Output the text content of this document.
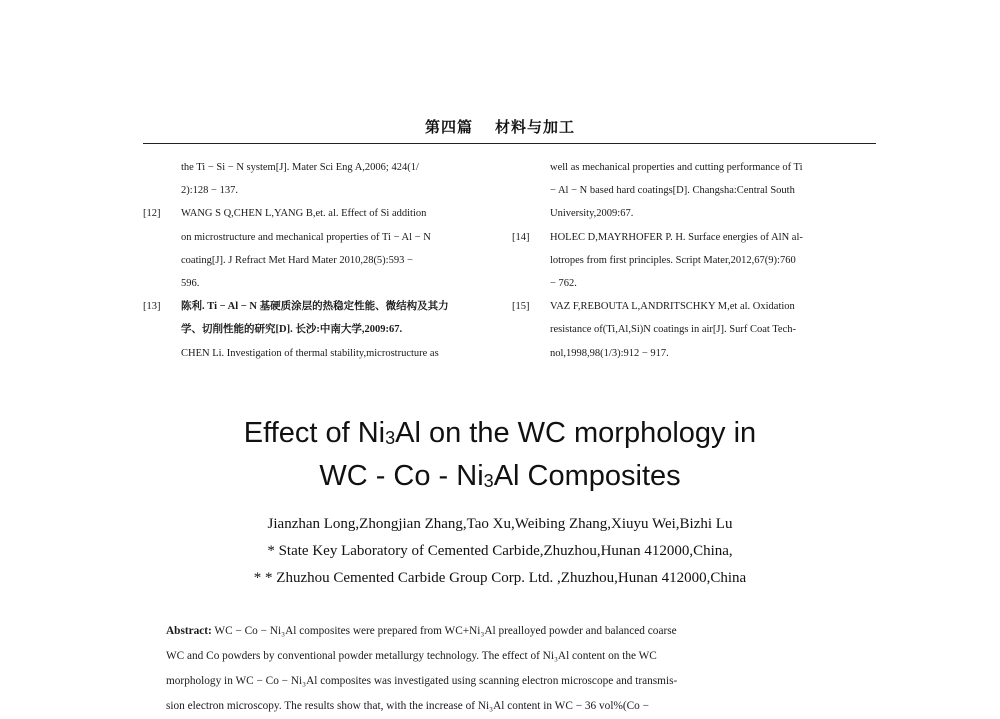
第四篇 材料与加工
the Ti − Si − N system[J]. Mater Sci Eng A,2006; 424(1/
2):128 − 137.
[12] WANG S Q,CHEN L,YANG B,et. al. Effect of Si addition
on microstructure and mechanical properties of Ti − Al − N
coating[J]. J Refract Met Hard Mater 2010,28(5):593 −
596.
[13] 陈利. Ti − Al − N 基硬质涂层的热稳定性能、微结构及其力
学、切削性能的研究[D]. 长沙:中南大学,2009:67.
CHEN Li. Investigation of thermal stability,microstructure as
well as mechanical properties and cutting performance of Ti
− Al − N based hard coatings[D]. Changsha:Central South
University,2009:67.
[14] HOLEC D,MAYRHOFER P. H. Surface energies of AlN al-
lotropes from first principles. Script Mater,2012,67(9):760
− 762.
[15] VAZ F,REBOUTA L,ANDRITSCHKY M,et al. Oxidation
resistance of(Ti,Al,Si)N coatings in air[J]. Surf Coat Tech-
nol,1998,98(1/3):912 − 917.
Effect of $Ni_3Al$ on the WC morphology in
WC - Co - $Ni_3Al$ Composites
Jianzhan Long,Zhongjian Zhang,Tao Xu,Weibing Zhang,Xiuyu Wei,Bizhi Lu
* State Key Laboratory of Cemented Carbide,Zhuzhou,Hunan 412000,China,
* * Zhuzhou Cemented Carbide Group Corp. Ltd. ,Zhuzhou,Hunan 412000,China
Abstract: WC − Co − Ni₃Al composites were prepared from WC+Ni₃Al prealloyed powder and balanced coarse
WC and Co powders by conventional powder metallurgy technology. The effect of Ni₃Al content on the WC
morphology in WC − Co − Ni₃Al composites was investigated using scanning electron microscope and transmis-
sion electron microscopy. The results show that, with the increase of Ni₃Al content in WC − 36 vol%(Co −
